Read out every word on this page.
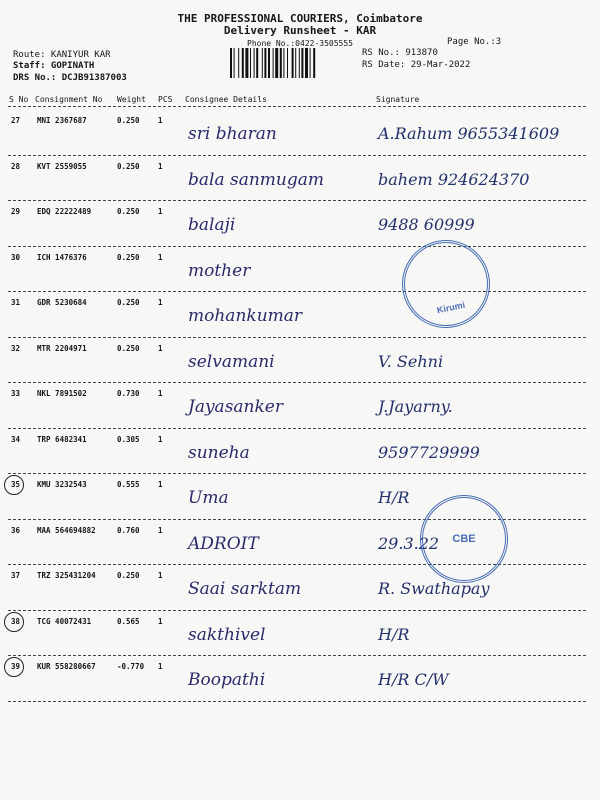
THE PROFESSIONAL COURIERS, Coimbatore
Delivery Runsheet - KAR
Phone No.:0422-3505555	Page No.:3
Route: KANIYUR KAR
Staff: GOPINATH
DRS No.: DCJB91387003
RS No.: 913870
RS Date: 29-Mar-2022
S No Consignment No Weight PCS Consignee Details	Signature
27 MNI 2367687	0.250 1
sri bharan	A.Rahum 9655341609
28 KVT 2559055	0.250 1
bala sanmugam	bahem 924624370
29 EDQ 22222489	0.250 1
balaji	9488 60999
30 ICH 1476376	0.250 1
mother
31 GDR 5230684	0.250 1
mohankumar
32 MTR 2204971	0.250 1
selvamani	V. Sehni
33 NKL 7891502	0.730 1
Jayasanker	J.Jayarny.
34 TRP 6482341	0.305 1
suneha	9597729999
35 KMU 3232543	0.555 1
Uma	H/R
36 MAA 564694882	0.760 1
ADROIT	29.3.22
37 TRZ 325431204	0.250 1
Saai sarktam	R. Swathapay
38 TCG 40072431	0.565 1
sakthivel	H/R
39 KUR 558280667	-0.770 1
Boopathi	H/R C/W
Kirumi
CBE
